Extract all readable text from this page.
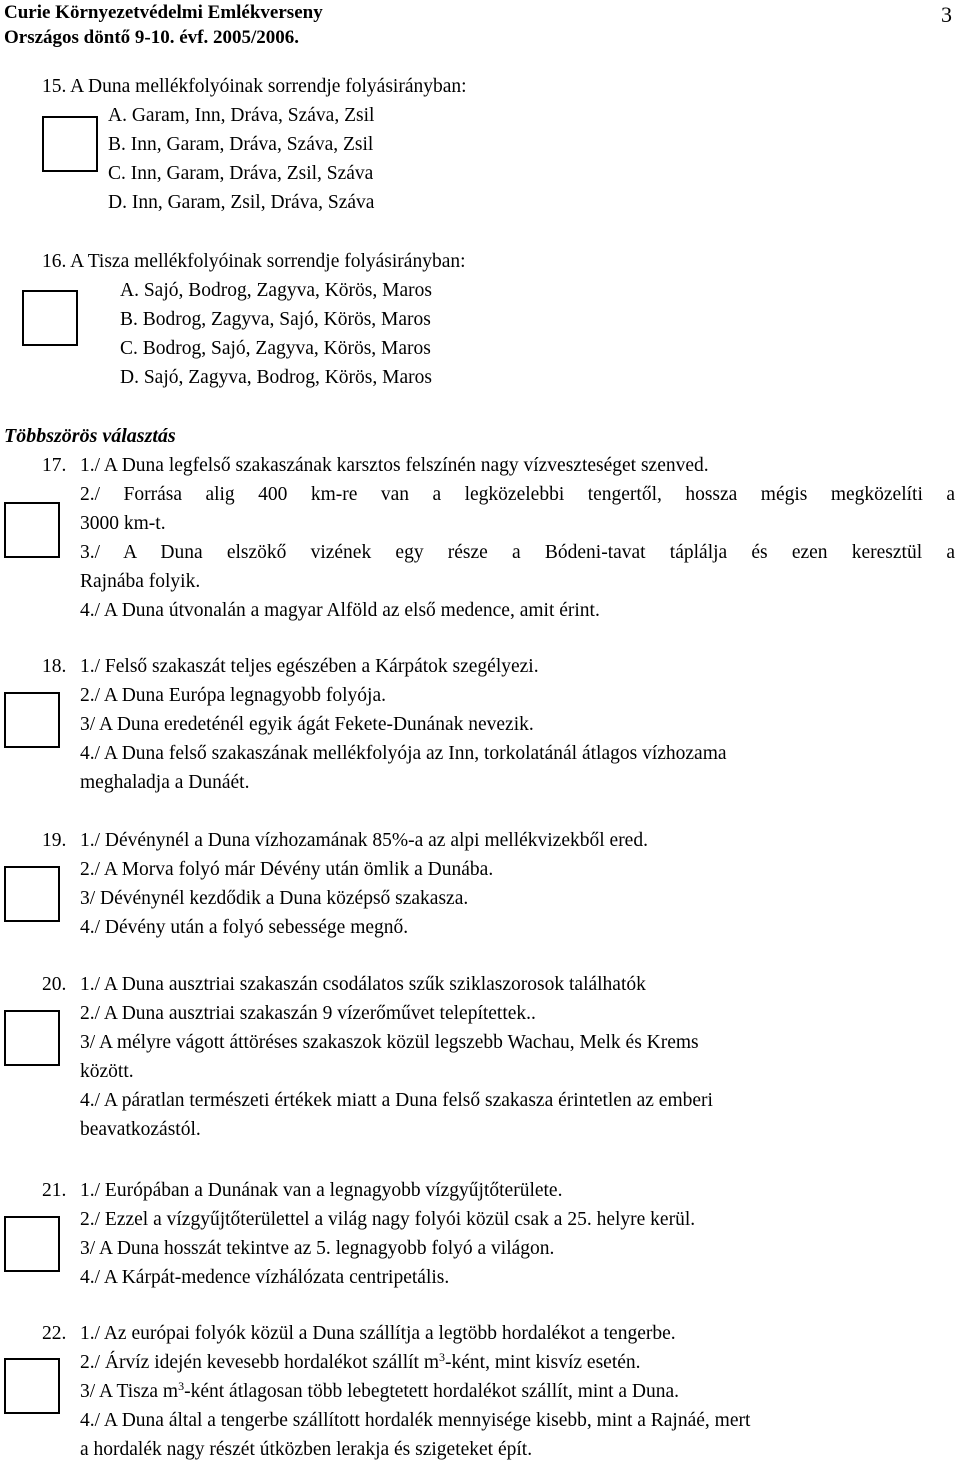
Curie Környezetvédelmi Emlékverseny
Országos döntő 9-10. évf. 2005/2006.
3
15. A Duna mellékfolyóinak sorrendje folyásirányban:
A. Garam, Inn, Dráva, Száva, Zsil
B. Inn, Garam, Dráva, Száva, Zsil
C. Inn, Garam, Dráva, Zsil, Száva
D. Inn, Garam, Zsil, Dráva, Száva
16. A Tisza mellékfolyóinak sorrendje folyásirányban:
A. Sajó, Bodrog, Zagyva, Körös, Maros
B. Bodrog, Zagyva, Sajó, Körös, Maros
C. Bodrog, Sajó, Zagyva, Körös, Maros
D. Sajó, Zagyva, Bodrog, Körös, Maros
Többszörös választás
17. 1./ A Duna legfelső szakaszának karsztos felszínén nagy vízveszteséget szenved.
2./ Forrása alig 400 km-re van a legközelebbi tengertől, hossza mégis megközelíti a
3000 km-t.
3./ A Duna elszökő vizének egy része a Bódeni-tavat táplálja és ezen keresztül a
Rajnába folyik.
4./ A Duna útvonalán a magyar Alföld az első medence, amit érint.
18. 1./ Felső szakaszát teljes egészében a Kárpátok szegélyezi.
2./ A Duna Európa legnagyobb folyója.
3/ A Duna eredeténél egyik ágát Fekete-Dunának nevezik.
4./ A Duna felső szakaszának mellékfolyója az Inn, torkolatánál átlagos vízhozama
meghaladja a Dunáét.
19. 1./ Dévénynél a Duna vízhozamának 85%-a az alpi mellékvizekből ered.
2./ A Morva folyó már Dévény után ömlik a Dunába.
3/ Dévénynél kezdődik a Duna középső szakasza.
4./ Dévény után a folyó sebessége megnő.
20. 1./ A Duna ausztriai szakaszán csodálatos szűk sziklaszorosok találhatók
2./ A Duna ausztriai szakaszán 9 vízerőművet telepítettek..
3/ A mélyre vágott áttöréses szakaszok közül legszebb Wachau, Melk és Krems
között.
4./ A páratlan természeti értékek miatt a Duna felső szakasza érintetlen az emberi
beavatkozástól.
21. 1./ Európában a Dunának van a legnagyobb vízgyűjtőterülete.
2./ Ezzel a vízgyűjtőterülettel a világ nagy folyói közül csak a 25. helyre kerül.
3/ A Duna hosszát tekintve az 5. legnagyobb folyó a világon.
4./ A Kárpát-medence vízhálózata centripetális.
22. 1./ Az európai folyók közül a Duna szállítja a legtöbb hordalékot a tengerbe.
2./ Árvíz idején kevesebb hordalékot szállít $m^3$-ként, mint kisvíz esetén.
3/ A Tisza $m^3$-ként átlagosan több lebegtetett hordalékot szállít, mint a Duna.
4./ A Duna által a tengerbe szállított hordalék mennyisége kisebb, mint a Rajnáé, mert
a hordalék nagy részét útközben lerakja és szigeteket épít.
